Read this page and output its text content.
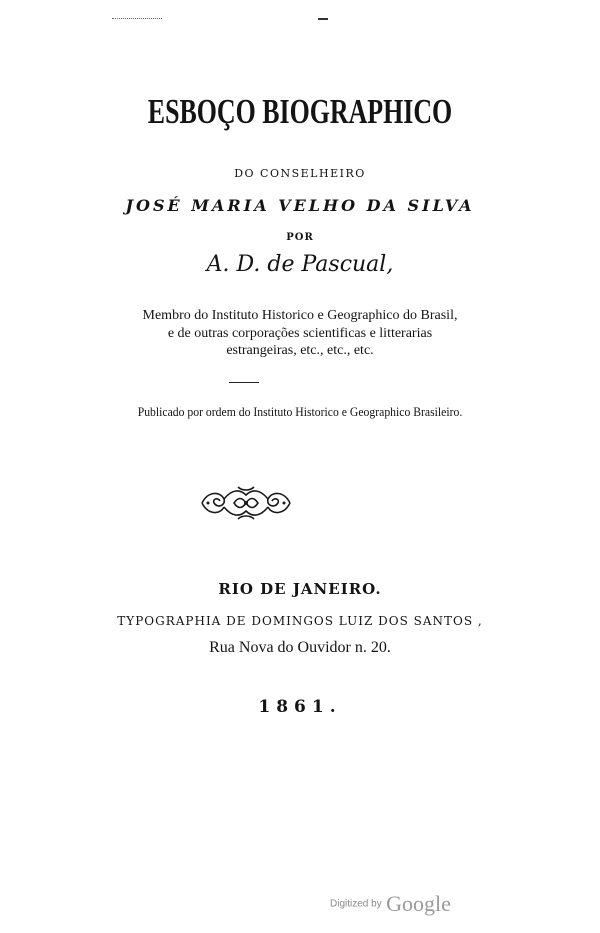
ESBOÇO BIOGRAPHICO
DO CONSELHEIRO
JOSÉ MARIA VELHO DA SILVA
POR
A. D. de Pascual,
Membro do Instituto Historico e Geographico do Brasil,
e de outras corporações scientificas e litterarias
estrangeiras, etc., etc., etc.
Publicado por ordem do Instituto Historico e Geographico Brasileiro.
RIO DE JANEIRO.
TYPOGRAPHIA DE DOMINGOS LUIZ DOS SANTOS ,
Rua Nova do Ouvidor n. 20.
1861.
Digitized by Google
